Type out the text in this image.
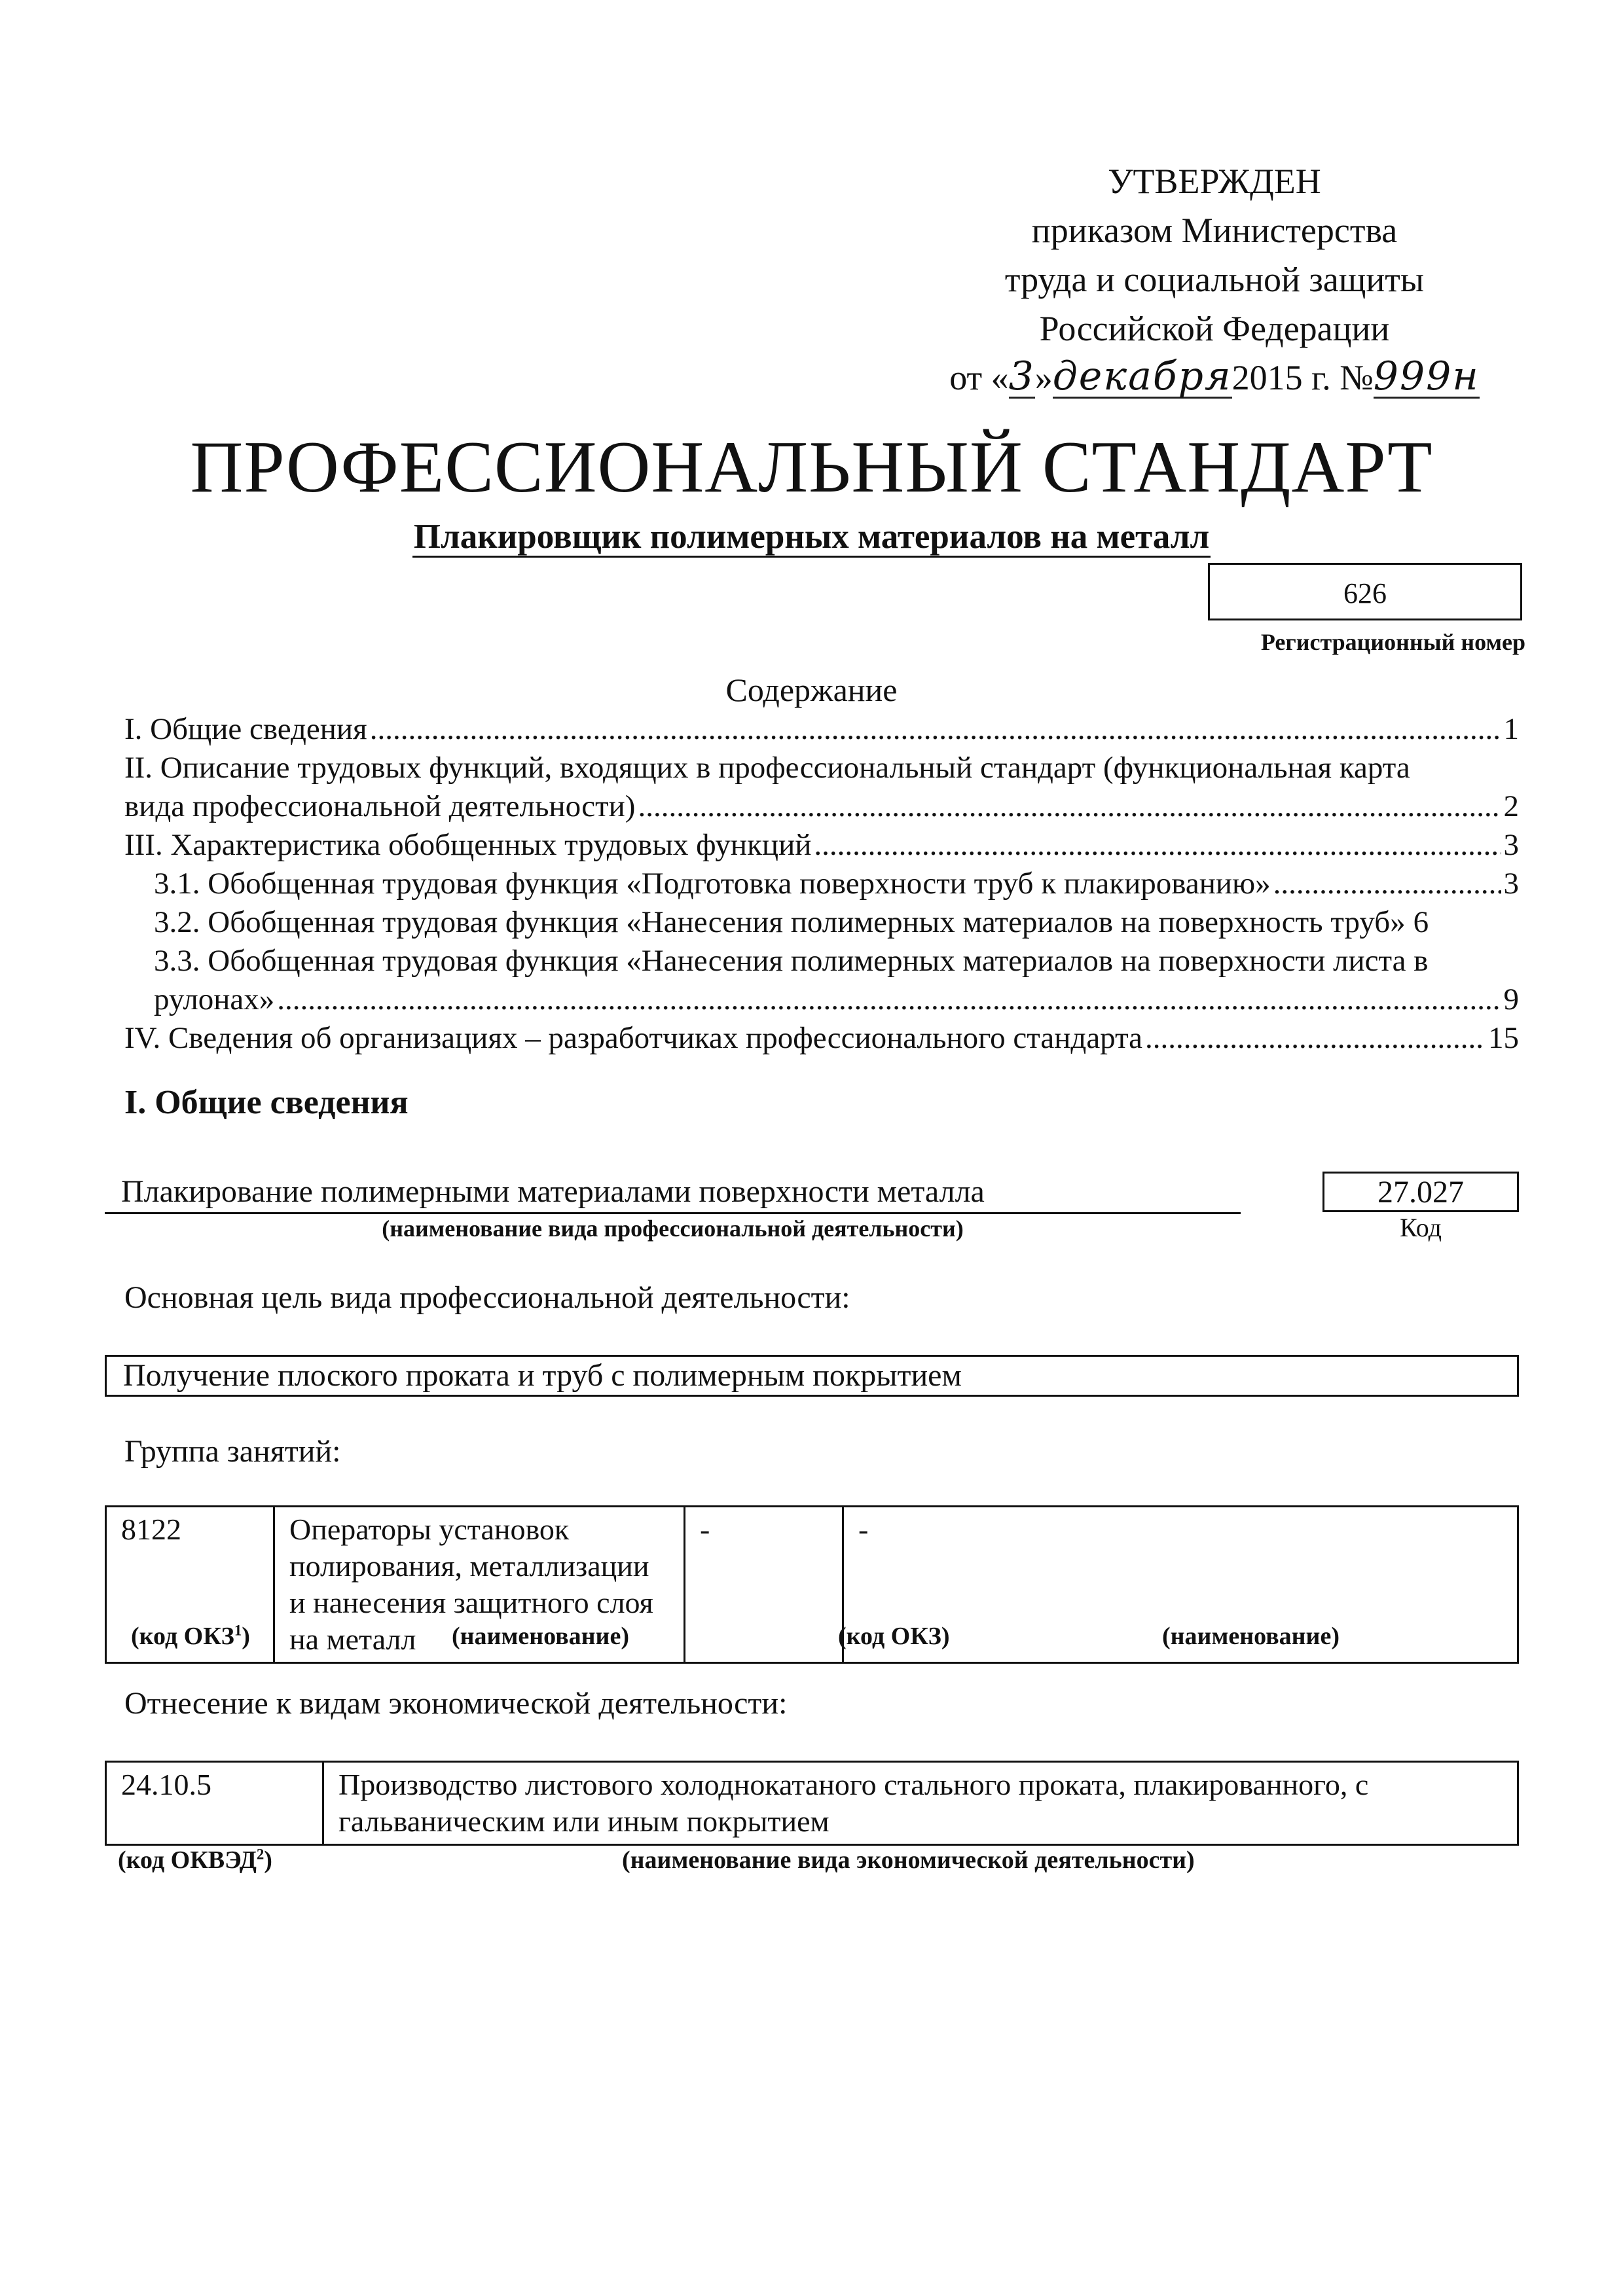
УТВЕРЖДЕН
приказом Министерства
труда и социальной защиты
Российской Федерации
от «3»декабря2015 г. №999н
ПРОФЕССИОНАЛЬНЫЙ СТАНДАРТ
Плакировщик полимерных материалов на металл
626
Регистрационный номер
Содержание
I. Общие сведения .....	1
II. Описание трудовых функций, входящих в профессиональный стандарт (функциональная карта
вида профессиональной деятельности) .....	2
III. Характеристика обобщенных трудовых функций .....	3
3.1. Обобщенная трудовая функция «Подготовка поверхности труб к плакированию» .....	3
3.2. Обобщенная трудовая функция «Нанесения полимерных материалов на поверхность труб» 6
3.3. Обобщенная трудовая функция «Нанесения полимерных материалов на поверхности листа в
рулонах» .....	9
IV. Сведения об организациях – разработчиках профессионального стандарта .....	15
I. Общие сведения
Плакирование полимерными материалами поверхности металла
(наименование вида профессиональной деятельности)
27.027
Код
Основная цель вида профессиональной деятельности:
Получение плоского проката и труб с полимерным покрытием
Группа занятий:
8122	Операторы установок полирования, металлизации и нанесения защитного слоя на металл	-	-
(код ОКЗ$^1$)	(наименование)	(код ОКЗ)	(наименование)
Отнесение к видам экономической деятельности:
24.10.5	Производство листового холоднокатаного стального проката, плакированного, с гальваническим или иным покрытием
(код ОКВЭД$^2$)	(наименование вида экономической деятельности)
